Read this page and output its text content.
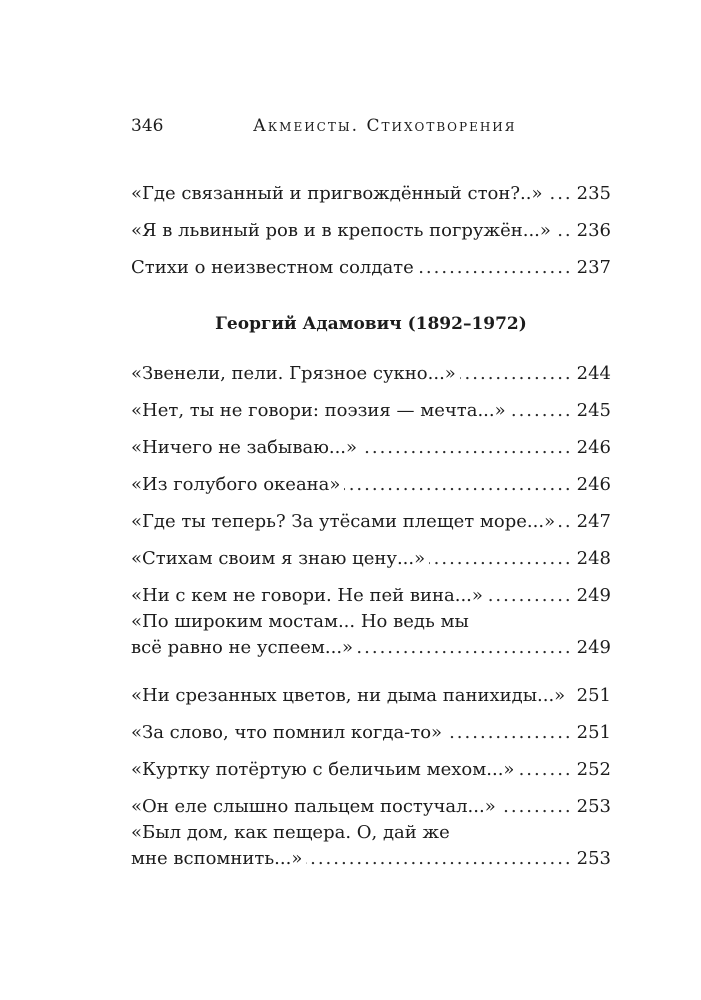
346	Акмеисты. Стихотворения
«Где связанный и пригвождённый стон?..» ..... 235
«Я в львиный ров и в крепость погружён...» ..... 236
Стихи о неизвестном солдате .....	237
Георгий Адамович (1892–1972)
«Звенели, пели. Грязное сукно...» .....	244
«Нет, ты не говори: поэзия — мечта...» .....	245
«Ничего не забываю...» .....	246
«Из голубого океана» .....	246
«Где ты теперь? За утёсами плещет море...» ..... 247
«Стихам своим я знаю цену...» .....	248
«Ни с кем не говори. Не пей вина...» .....	249
«По широким мостам... Но ведь мы
всё равно не успеем...» .....	249
«Ни срезанных цветов, ни дыма панихиды...» ..... 251
«За слово, что помнил когда-то» .....	251
«Куртку потёртую с беличьим мехом...» .....	252
«Он еле слышно пальцем постучал...» .....	253
«Был дом, как пещера. О, дай же
мне вспомнить...» .....	253
